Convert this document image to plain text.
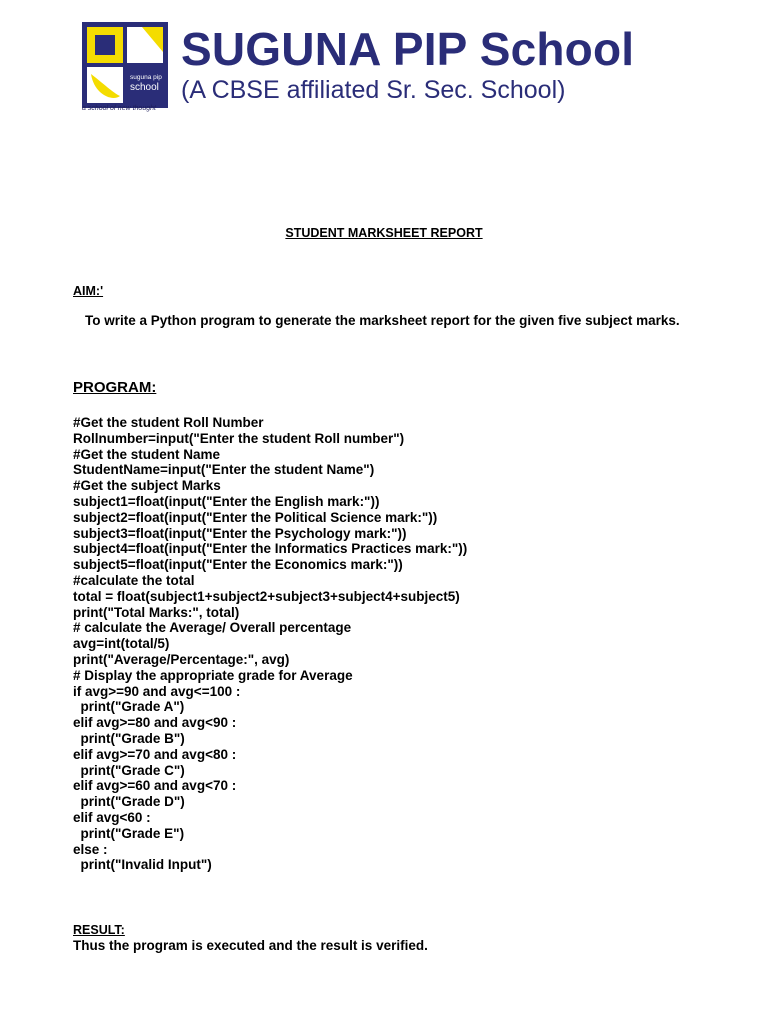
suguna pip
school
a school of new thought
SUGUNA PIP School
(A CBSE affiliated Sr. Sec. School)
STUDENT MARKSHEET REPORT
AIM:'
To write a Python program to generate the marksheet report for the given five subject marks.
PROGRAM:
#Get the student Roll Number
Rollnumber=input("Enter the student Roll number")
#Get the student Name
StudentName=input("Enter the student Name")
#Get the subject Marks
subject1=float(input("Enter the English mark:"))
subject2=float(input("Enter the Political Science mark:"))
subject3=float(input("Enter the Psychology mark:"))
subject4=float(input("Enter the Informatics Practices mark:"))
subject5=float(input("Enter the Economics mark:"))
#calculate the total
total = float(subject1+subject2+subject3+subject4+subject5)
print("Total Marks:", total)
# calculate the Average/ Overall percentage
avg=int(total/5)
print("Average/Percentage:", avg)
# Display the appropriate grade for Average
if avg>=90 and avg<=100 :
print("Grade A")
elif avg>=80 and avg<90 :
print("Grade B")
elif avg>=70 and avg<80 :
print("Grade C")
elif avg>=60 and avg<70 :
print("Grade D")
elif avg<60 :
print("Grade E")
else :
print("Invalid Input")
RESULT:
Thus the program is executed and the result is verified.
